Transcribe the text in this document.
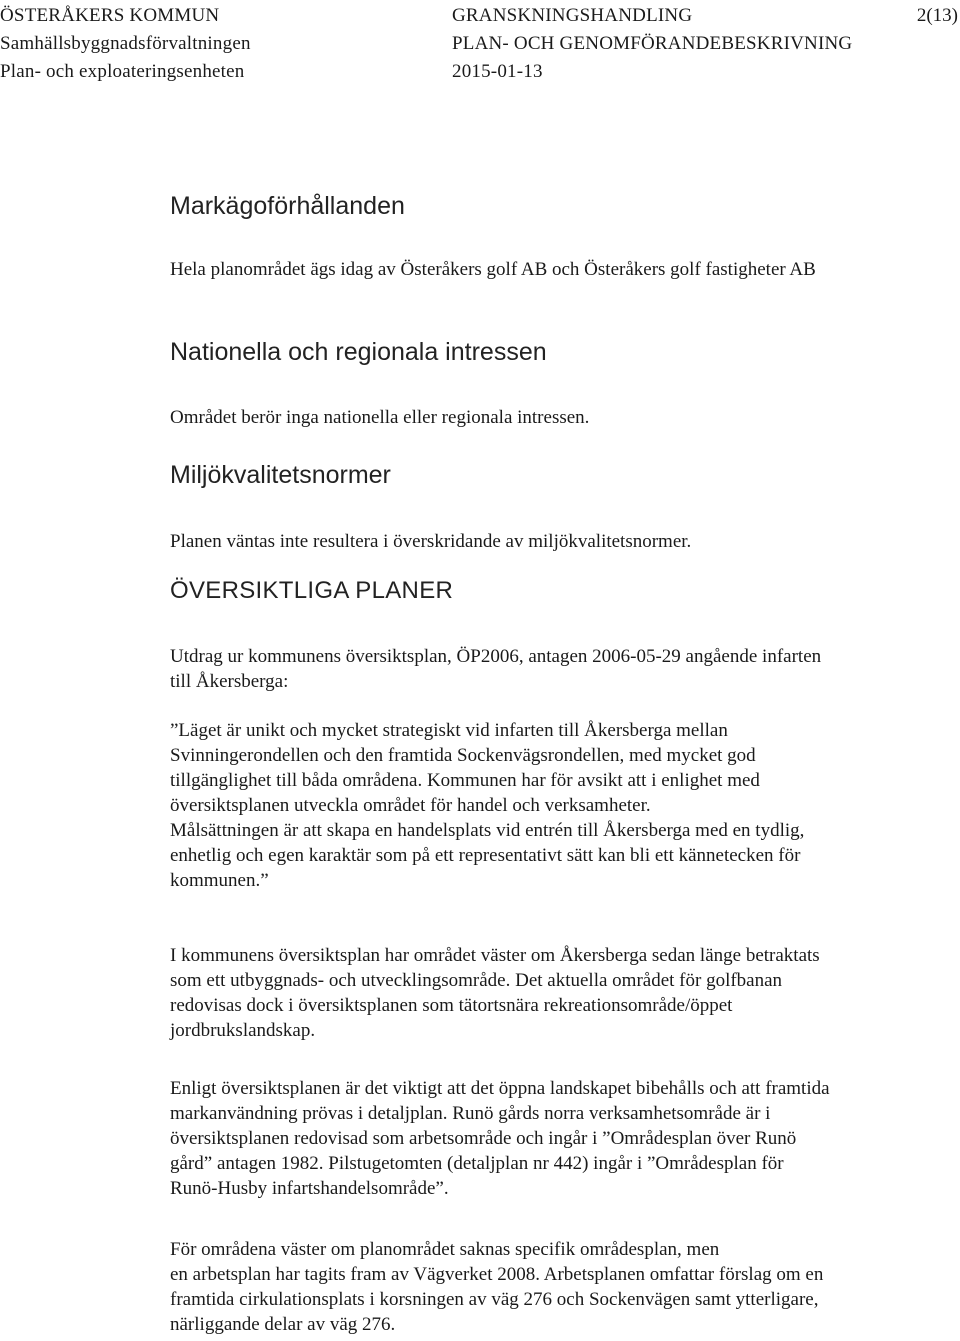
ÖSTERÅKERS KOMMUN
Samhällsbyggnadsförvaltningen
Plan- och exploateringsenheten
GRANSKNINGSHANDLING
PLAN- OCH GENOMFÖRANDEBESKRIVNING
2015-01-13
2(13)
Markägoförhållanden

Hela planområdet ägs idag av Österåkers golf AB och Österåkers golf fastigheter AB

Nationella och regionala intressen

Området berör inga nationella eller regionala intressen.

Miljökvalitetsnormer

Planen väntas inte resultera i överskridande av miljökvalitetsnormer.

ÖVERSIKTLIGA PLANER

Utdrag ur kommunens översiktsplan, ÖP2006, antagen 2006-05-29 angående infarten
till Åkersberga:

”Läget är unikt och mycket strategiskt vid infarten till Åkersberga mellan
Svinningerondellen och den framtida Sockenvägsrondellen, med mycket god
tillgänglighet till båda områdena. Kommunen har för avsikt att i enlighet med
översiktsplanen utveckla området för handel och verksamheter.
Målsättningen är att skapa en handelsplats vid entrén till Åkersberga med en tydlig,
enhetlig och egen karaktär som på ett representativt sätt kan bli ett kännetecken för
kommunen.”

I kommunens översiktsplan har området väster om Åkersberga sedan länge betraktats
som ett utbyggnads- och utvecklingsområde. Det aktuella området för golfbanan
redovisas dock i översiktsplanen som tätortsnära rekreationsområde/öppet
jordbrukslandskap.

Enligt översiktsplanen är det viktigt att det öppna landskapet bibehålls och att framtida
markanvändning prövas i detaljplan. Runö gårds norra verksamhetsområde är i
översiktsplanen redovisad som arbetsområde och ingår i ”Områdesplan över Runö
gård” antagen 1982. Pilstugetomten (detaljplan nr 442) ingår i ”Områdesplan för
Runö-Husby infartshandelsområde”.

För områdena väster om planområdet saknas specifik områdesplan, men
en arbetsplan har tagits fram av Vägverket 2008. Arbetsplanen omfattar förslag om en
framtida cirkulationsplats i korsningen av väg 276 och Sockenvägen samt ytterligare,
närliggande delar av väg 276.
